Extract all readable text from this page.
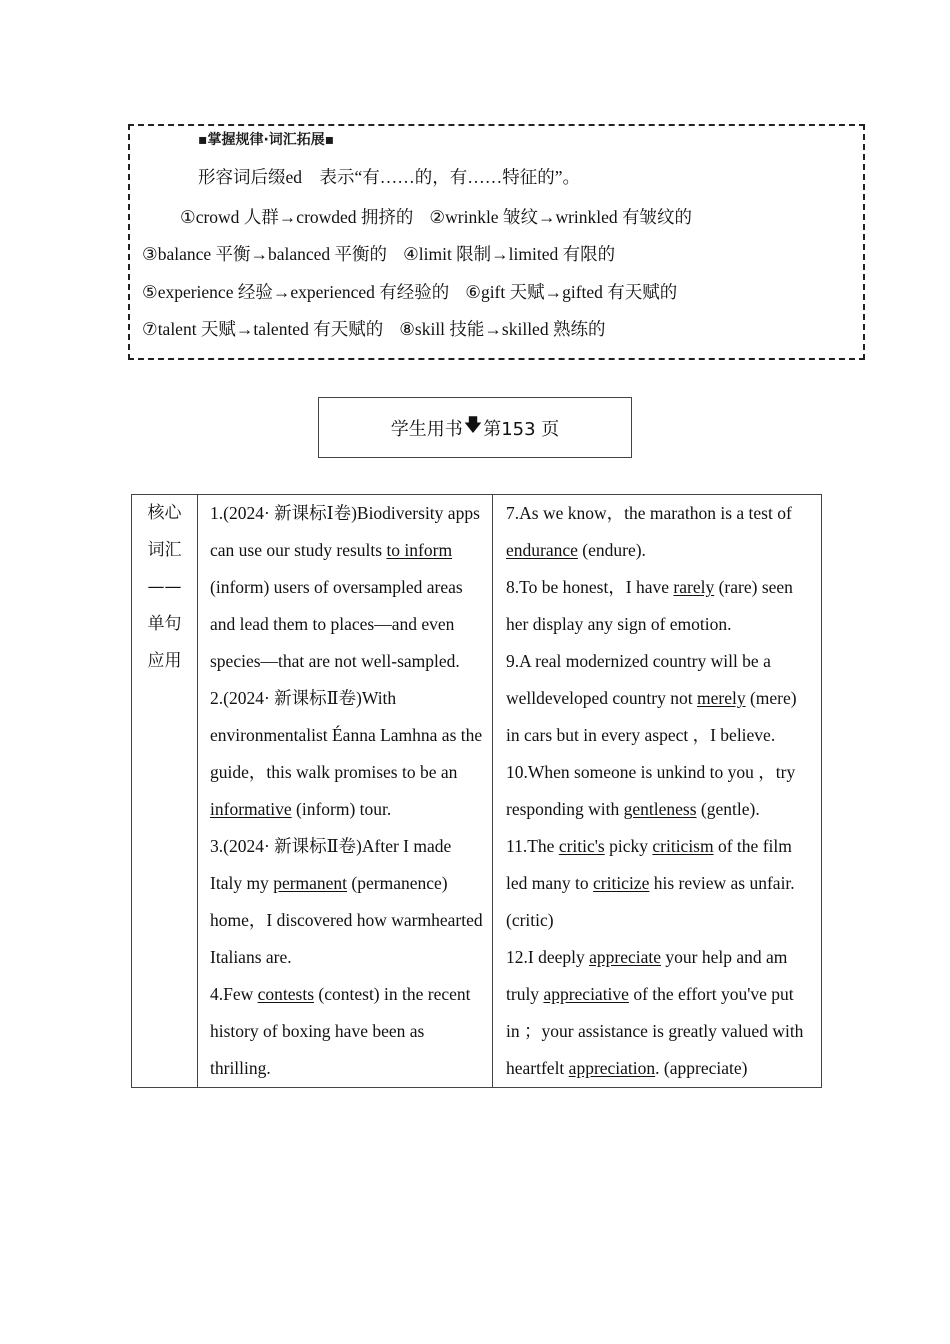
▪掌握规律·词汇拓展▪
形容词后缀ed　表示“有……的，有……特征的”。
①crowd 人群→crowded 拥挤的 ②wrinkle 皱纹→wrinkled 有皱纹的③balance 平衡→balanced 平衡的 ④limit 限制→limited 有限的⑤experience 经验→experienced 有经验的 ⑥gift 天赋→gifted 有天赋的⑦talent 天赋→talented 有天赋的 ⑧skill 技能→skilled 熟练的
学生用书 🡇 第153 页
核心
词汇
——
单句
应用

1.(2024· 新课标Ⅰ卷)Biodiversity apps can use our study results to inform (inform) users of oversampled areas and lead them to places—and even species—that are not well-sampled.
2.(2024· 新课标Ⅱ卷)With environmentalist Éanna Lamhna as the guide，this walk promises to be an informative (inform) tour.
3.(2024· 新课标Ⅱ卷)After I made Italy my permanent (permanence) home，I discovered how warmhearted Italians are.
4.Few contests (contest) in the recent history of boxing have been as thrilling.

7.As we know，the marathon is a test of endurance (endure).
8.To be honest，I have rarely (rare) seen her display any sign of emotion.
9.A real modernized country will be a welldeveloped country not merely (mere) in cars but in every aspect ，I believe.
10.When someone is unkind to you ，try responding with gentleness (gentle).
11.The critic's picky criticism of the film led many to criticize his review as unfair.(critic)
12.I deeply appreciate your help and am truly appreciative of the effort you've put in ；your assistance is greatly valued with heartfelt appreciation. (appreciate)
